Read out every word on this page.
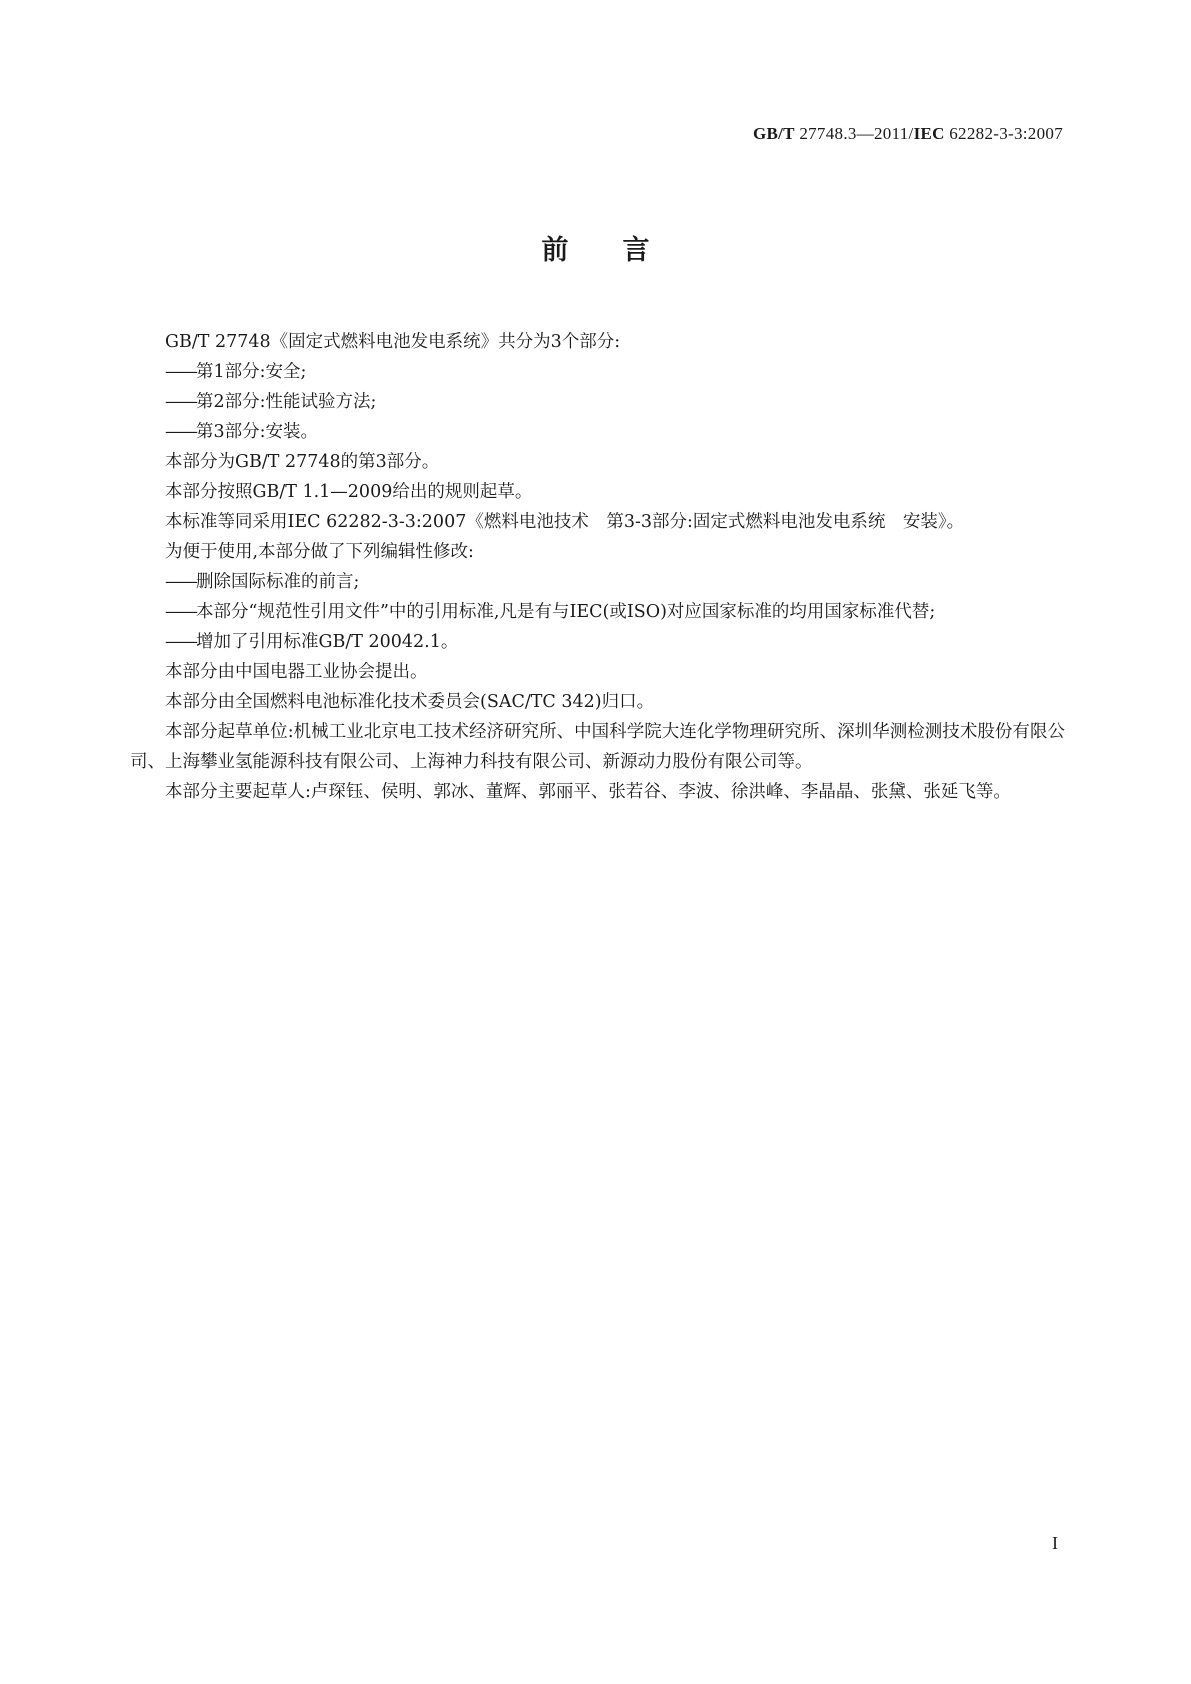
GB/T 27748.3—2011/IEC 62282-3-3:2007
前 言

GB/T 27748《固定式燃料电池发电系统》共分为3个部分:

——第1部分:安全;

——第2部分:性能试验方法;

——第3部分:安装。

本部分为GB/T 27748的第3部分。

本部分按照GB/T 1.1—2009给出的规则起草。

本标准等同采用IEC 62282-3-3:2007《燃料电池技术　第3-3部分:固定式燃料电池发电系统　安装》。

为便于使用,本部分做了下列编辑性修改:

——删除国际标准的前言;

——本部分“规范性引用文件”中的引用标准,凡是有与IEC(或ISO)对应国家标准的均用国家标准代替;

——增加了引用标准GB/T 20042.1。

本部分由中国电器工业协会提出。

本部分由全国燃料电池标准化技术委员会(SAC/TC 342)归口。

本部分起草单位:机械工业北京电工技术经济研究所、中国科学院大连化学物理研究所、深圳华测检测技术股份有限公司、上海攀业氢能源科技有限公司、上海神力科技有限公司、新源动力股份有限公司等。

本部分主要起草人:卢琛钰、侯明、郭冰、董辉、郭丽平、张若谷、李波、徐洪峰、李晶晶、张黛、张延飞等。

I
